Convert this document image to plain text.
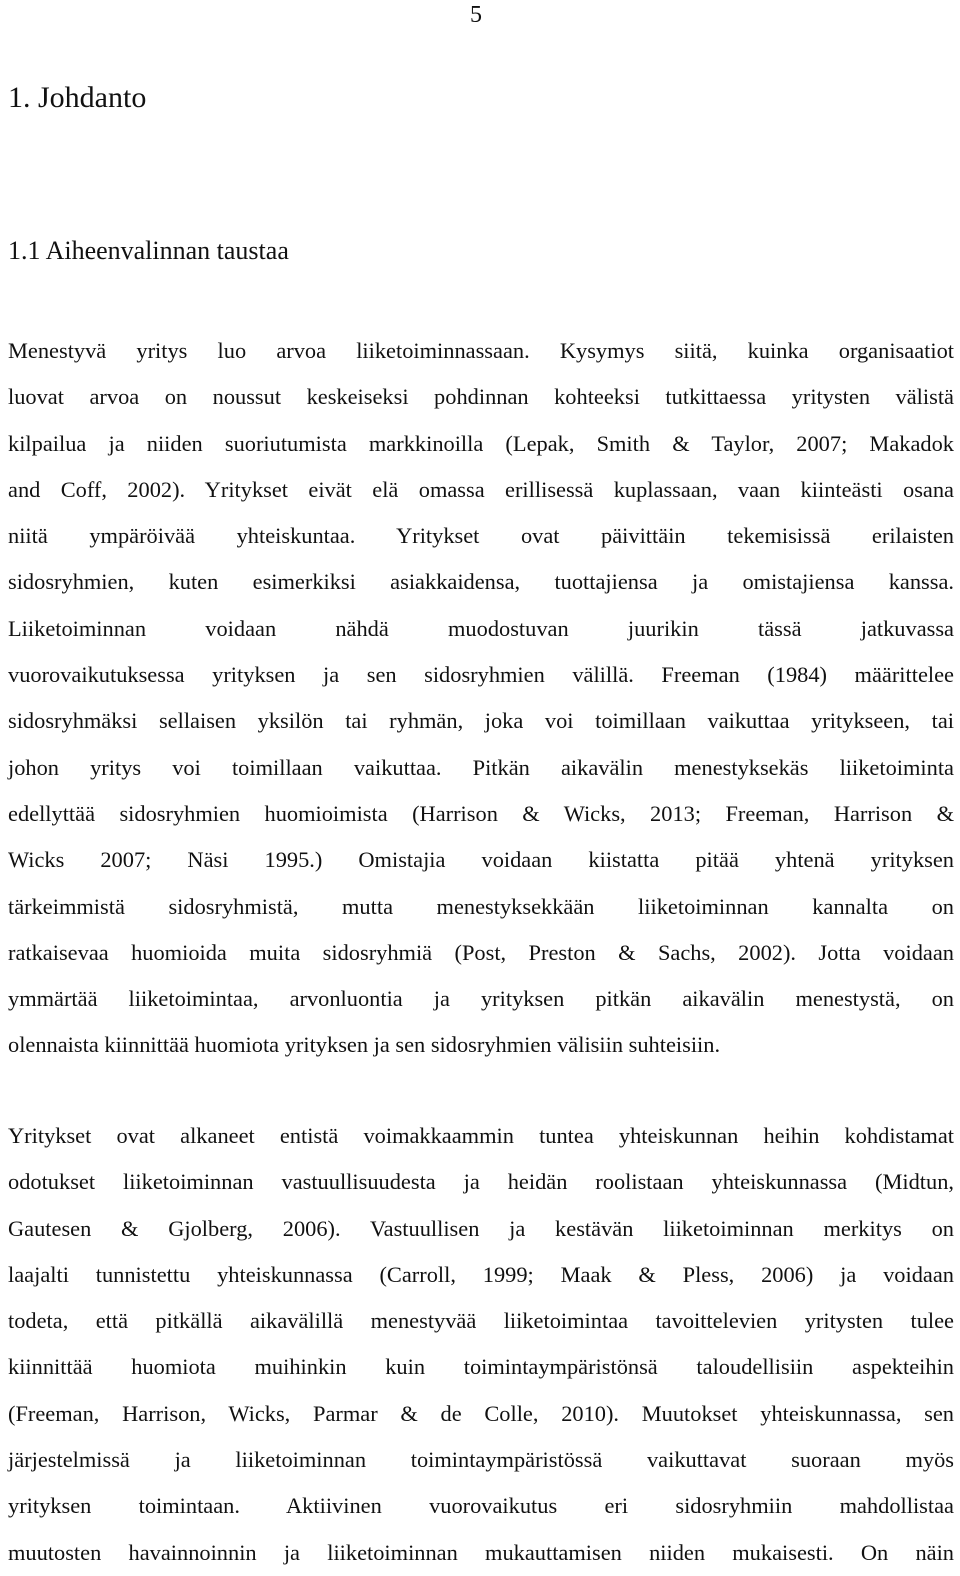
5
1. Johdanto
1.1 Aiheenvalinnan taustaa
Menestyvä yritys luo arvoa liiketoiminnassaan. Kysymys siitä, kuinka organisaatiot
luovat arvoa on noussut keskeiseksi pohdinnan kohteeksi tutkittaessa yritysten välistä
kilpailua ja niiden suoriutumista markkinoilla (Lepak, Smith & Taylor, 2007; Makadok
and Coff, 2002). Yritykset eivät elä omassa erillisessä kuplassaan, vaan kiinteästi osana
niitä ympäröivää yhteiskuntaa. Yritykset ovat päivittäin tekemisissä erilaisten
sidosryhmien, kuten esimerkiksi asiakkaidensa, tuottajiensa ja omistajiensa kanssa.
Liiketoiminnan voidaan nähdä muodostuvan juurikin tässä jatkuvassa
vuorovaikutuksessa yrityksen ja sen sidosryhmien välillä. Freeman (1984) määrittelee
sidosryhmäksi sellaisen yksilön tai ryhmän, joka voi toimillaan vaikuttaa yritykseen, tai
johon yritys voi toimillaan vaikuttaa. Pitkän aikavälin menestyksekäs liiketoiminta
edellyttää sidosryhmien huomioimista (Harrison & Wicks, 2013; Freeman, Harrison &
Wicks 2007; Näsi 1995.) Omistajia voidaan kiistatta pitää yhtenä yrityksen
tärkeimmistä sidosryhmistä, mutta menestyksekkään liiketoiminnan kannalta on
ratkaisevaa huomioida muita sidosryhmiä (Post, Preston & Sachs, 2002). Jotta voidaan
ymmärtää liiketoimintaa, arvonluontia ja yrityksen pitkän aikavälin menestystä, on
olennaista kiinnittää huomiota yrityksen ja sen sidosryhmien välisiin suhteisiin.
Yritykset ovat alkaneet entistä voimakkaammin tuntea yhteiskunnan heihin kohdistamat
odotukset liiketoiminnan vastuullisuudesta ja heidän roolistaan yhteiskunnassa (Midtun,
Gautesen & Gjolberg, 2006). Vastuullisen ja kestävän liiketoiminnan merkitys on
laajalti tunnistettu yhteiskunnassa (Carroll, 1999; Maak & Pless, 2006) ja voidaan
todeta, että pitkällä aikavälillä menestyvää liiketoimintaa tavoittelevien yritysten tulee
kiinnittää huomiota muihinkin kuin toimintaympäristönsä taloudellisiin aspekteihin
(Freeman, Harrison, Wicks, Parmar & de Colle, 2010). Muutokset yhteiskunnassa, sen
järjestelmissä ja liiketoiminnan toimintaympäristössä vaikuttavat suoraan myös
yrityksen toimintaan. Aktiivinen vuorovaikutus eri sidosryhmiin mahdollistaa
muutosten havainnoinnin ja liiketoiminnan mukauttamisen niiden mukaisesti. On näin
